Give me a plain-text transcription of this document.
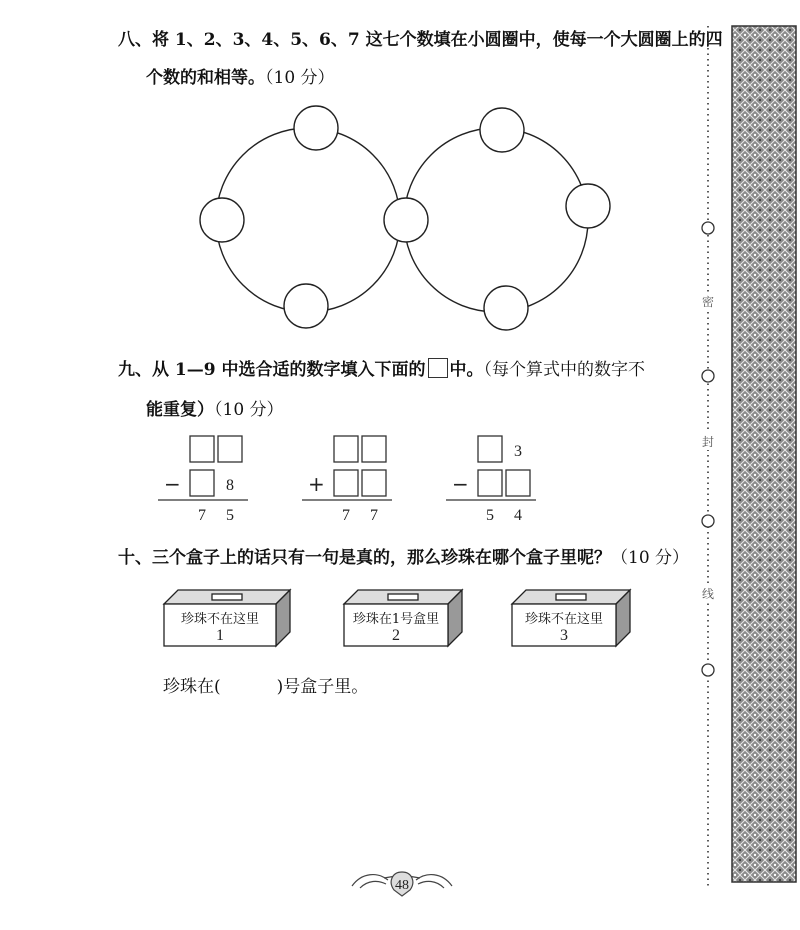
八、将 1、2、3、4、5、6、7 这七个数填在小圆圈中，使每一个大圆圈上的四
个数的和相等。（10 分）
九、从 1—9 中选合适的数字填入下面的 中。（每个算式中的数字不
能重复）（10 分）
十、三个盒子上的话只有一句是真的，那么珍珠在哪个盒子里呢？（10 分）
珍珠在(	)号盒子里。
密
封
线
−	8
7 5
+
7 7
−
3
5 4
珍珠不在这里
1
珍珠在1号盒里
2
珍珠不在这里
3
48
